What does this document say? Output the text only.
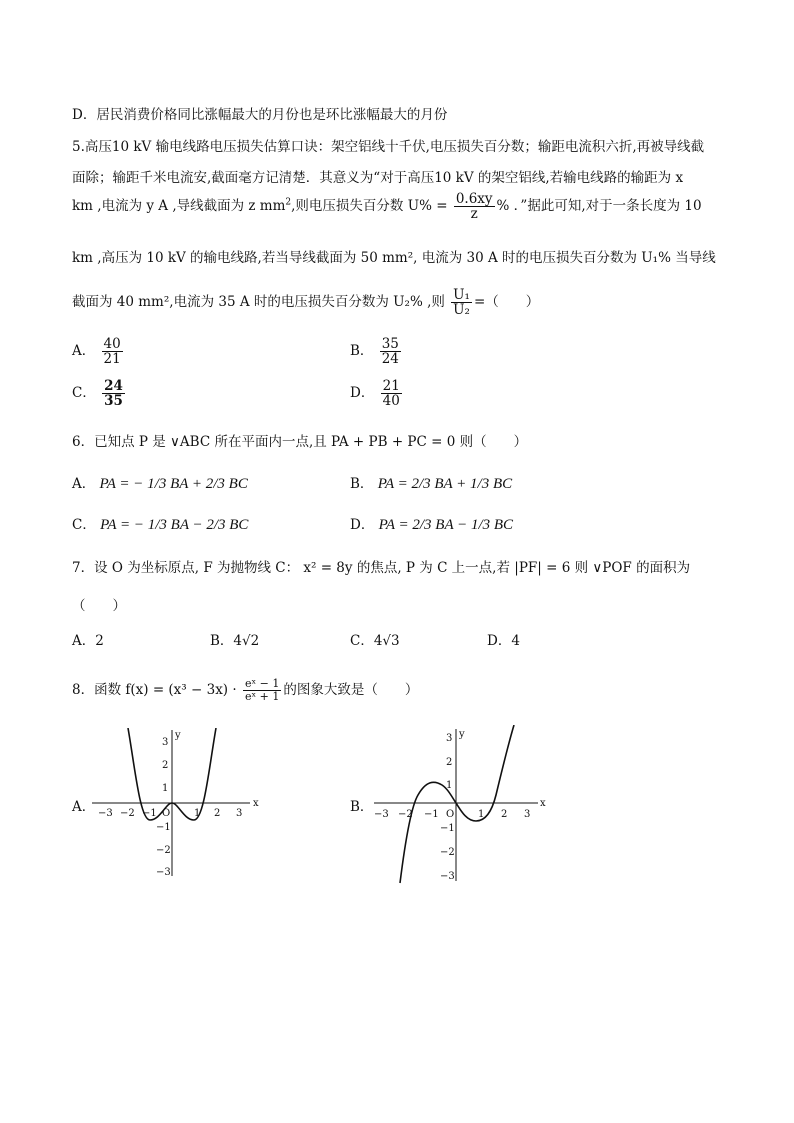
D．居民消费价格同比涨幅最大的月份也是环比涨幅最大的月份
5.高压10 kV 输电线路电压损失估算口诀：架空铝线十千伏,电压损失百分数；输距电流积六折,再被导线截
面除；输距千米电流安,截面毫方记清楚．其意义为“对于高压10 kV 的架空铝线,若输电线路的输距为 x
km ,电流为 y A ,导线截面为 z $mm^2$,则电压损失百分数 $U\% = \frac{0.6xy}{z}$ % ．”据此可知,对于一条长度为 10
km ,高压为 10 kV 的输电线路,若当导线截面为 50 mm², 电流为 30 A 时的电压损失百分数为 U₁% 当导线
截面为 40 mm²,电流为 35 A 时的电压损失百分数为 U₂% ,则 $\frac{\text{U₁}}{\text{U₂}}$ =（　　）
A． $\frac{40}{21}$	B． $\frac{35}{24}$
C． $\frac{24}{35}$	D． $\frac{21}{40}$
6．已知点 P 是 ∨ABC 所在平面内一点,且 PA + PB + PC = 0 则（　　）
A． PA = − 1/3 BA + 2/3 BC	B． PA = 2/3 BA + 1/3 BC
C． PA = − 1/3 BA − 2/3 BC	D． PA = 2/3 BA − 1/3 BC
7．设 O 为坐标原点, F 为抛物线 C： x² = 8y 的焦点, P 为 C 上一点,若 |PF| = 6 则 ∨POF 的面积为
（　　）
A．2	B．4√2	C．4√3	D．4
8．函数 $f(x) = (x^3 - 3x) \cdot \frac{\text{eˣ − 1}}{\text{eˣ + 1}}$ 的图象大致是（　　）
A．	B．
x
y
O
−3 −2 −1	1 2 3
3
2
1
−1
−2
−3
x
y
O
−3 −2 −1	1 2 3
3
2
1
−1
−2
−3
